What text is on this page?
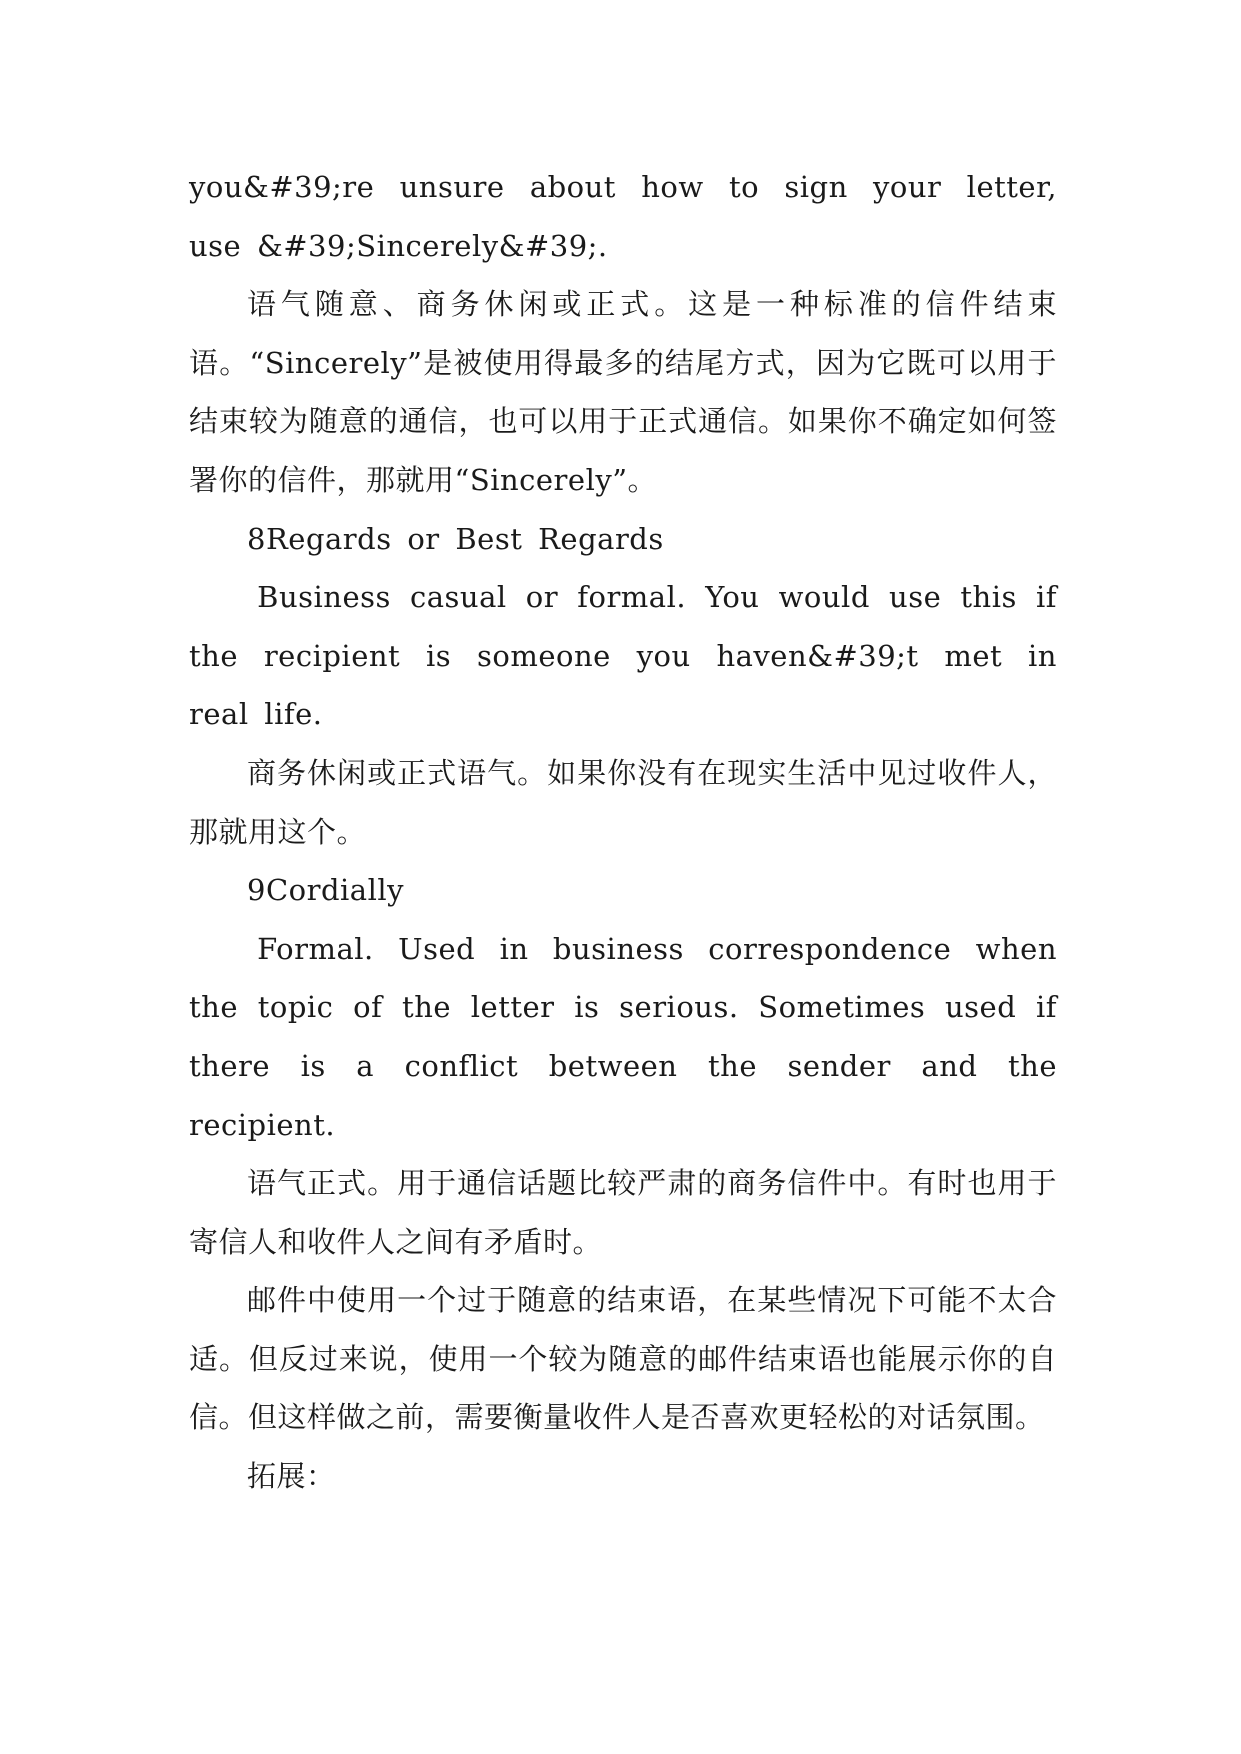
you&#39;re unsure about how to sign your letter, use &#39;Sincerely&#39;.

语气随意、商务休闲或正式。这是一种标准的信件结束语。“Sincerely”是被使用得最多的结尾方式，因为它既可以用于结束较为随意的通信，也可以用于正式通信。如果你不确定如何签署你的信件，那就用“Sincerely”。

8Regards or Best Regards

Business casual or formal. You would use this if the recipient is someone you haven&#39;t met in real life.

商务休闲或正式语气。如果你没有在现实生活中见过收件人，那就用这个。

9Cordially

Formal. Used in business correspondence when the topic of the letter is serious. Sometimes used if there is a conflict between the sender and the recipient.

语气正式。用于通信话题比较严肃的商务信件中。有时也用于寄信人和收件人之间有矛盾时。

邮件中使用一个过于随意的结束语，在某些情况下可能不太合适。但反过来说，使用一个较为随意的邮件结束语也能展示你的自信。但这样做之前，需要衡量收件人是否喜欢更轻松的对话氛围。

拓展：
